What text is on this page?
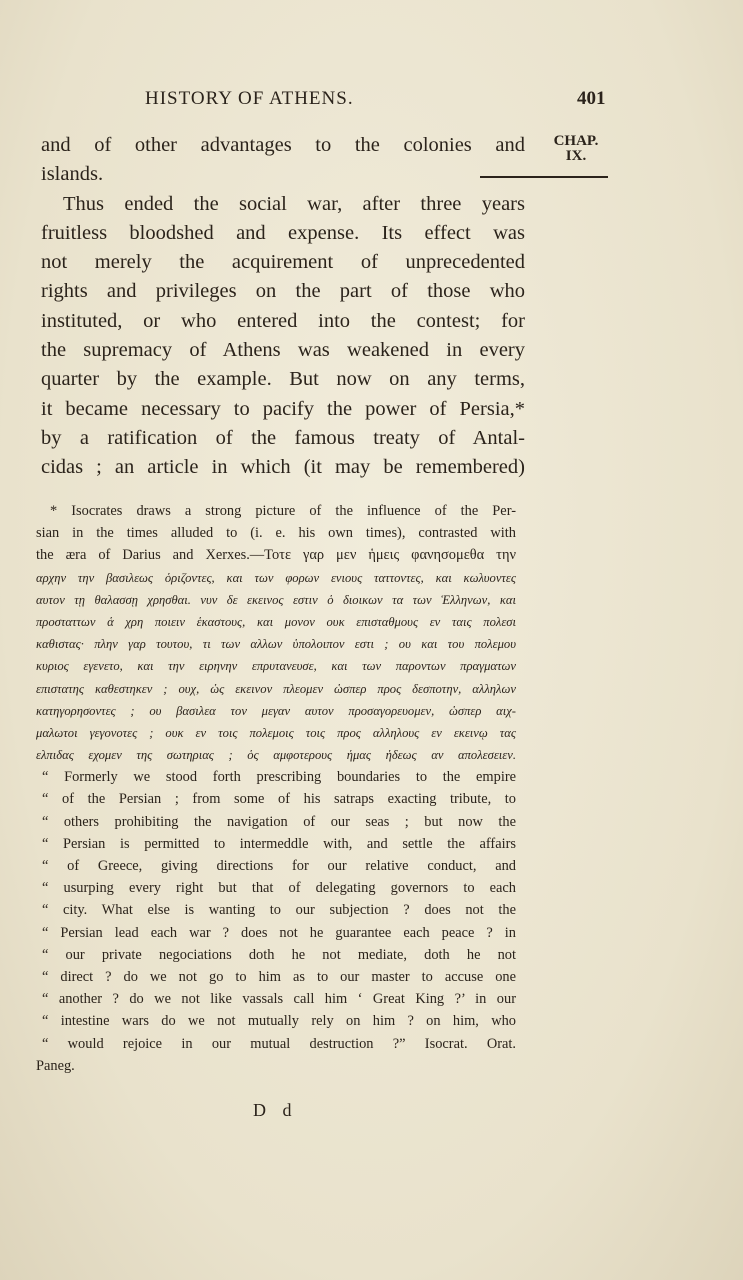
HISTORY OF ATHENS.	401
CHAP.
IX.
and of other advantages to the colonies and
islands.
Thus ended the social war, after three years
fruitless bloodshed and expense. Its effect was
not merely the acquirement of unprecedented
rights and privileges on the part of those who
instituted, or who entered into the contest; for
the supremacy of Athens was weakened in every
quarter by the example. But now on any terms,
it became necessary to pacify the power of Persia,*
by a ratification of the famous treaty of Antal-
cidas ; an article in which (it may be remembered)
* Isocrates draws a strong picture of the influence of the Per-
sian in the times alluded to (i. e. his own times), contrasted with
the æra of Darius and Xerxes.—Τοτε γαρ μεν ἡμεις φανησομεθα την
αρχην την βασιλεως ὁριζοντες, και των φορων ενιους ταττοντες, και κωλυοντες
αυτον τῃ θαλασσῃ χρησθαι. νυν δε εκεινος εστιν ὁ διοικων τα των Ἑλληνων, και
προσταττων ἁ χρη ποιειν ἑκαστους, και μονον ουκ επισταθμους εν ταις πολεσι
καθιστας· πλην γαρ τουτου, τι των αλλων ὑπολοιπον εστι ; ου και του πολεμου
κυριος εγενετο, και την ειρηνην επρυτανευσε, και των παροντων πραγματων
επιστατης καθεστηκεν ; ουχ, ὡς εκεινον πλεομεν ὡσπερ προς δεσποτην, αλληλων
κατηγορησοντες ; ου βασιλεα τον μεγαν αυτον προσαγορευομεν, ὡσπερ αιχ-
μαλωτοι γεγονοτες ; ουκ εν τοις πολεμοις τοις προς αλληλους εν εκεινῳ τας
ελπιδας εχομεν της σωτηριας ; ὁς αμφοτερους ἡμας ἡδεως αν απολεσειεν.
“ Formerly we stood forth prescribing boundaries to the empire
“ of the Persian ; from some of his satraps exacting tribute, to
“ others prohibiting the navigation of our seas ; but now the
“ Persian is permitted to intermeddle with, and settle the affairs
“ of Greece, giving directions for our relative conduct, and
“ usurping every right but that of delegating governors to each
“ city. What else is wanting to our subjection ? does not the
“ Persian lead each war ? does not he guarantee each peace ? in
“ our private negociations doth he not mediate, doth he not
“ direct ? do we not go to him as to our master to accuse one
“ another ? do we not like vassals call him ‘ Great King ?’ in our
“ intestine wars do we not mutually rely on him ? on him, who
“ would rejoice in our mutual destruction ?” Isocrat. Orat.
Paneg.
D d
